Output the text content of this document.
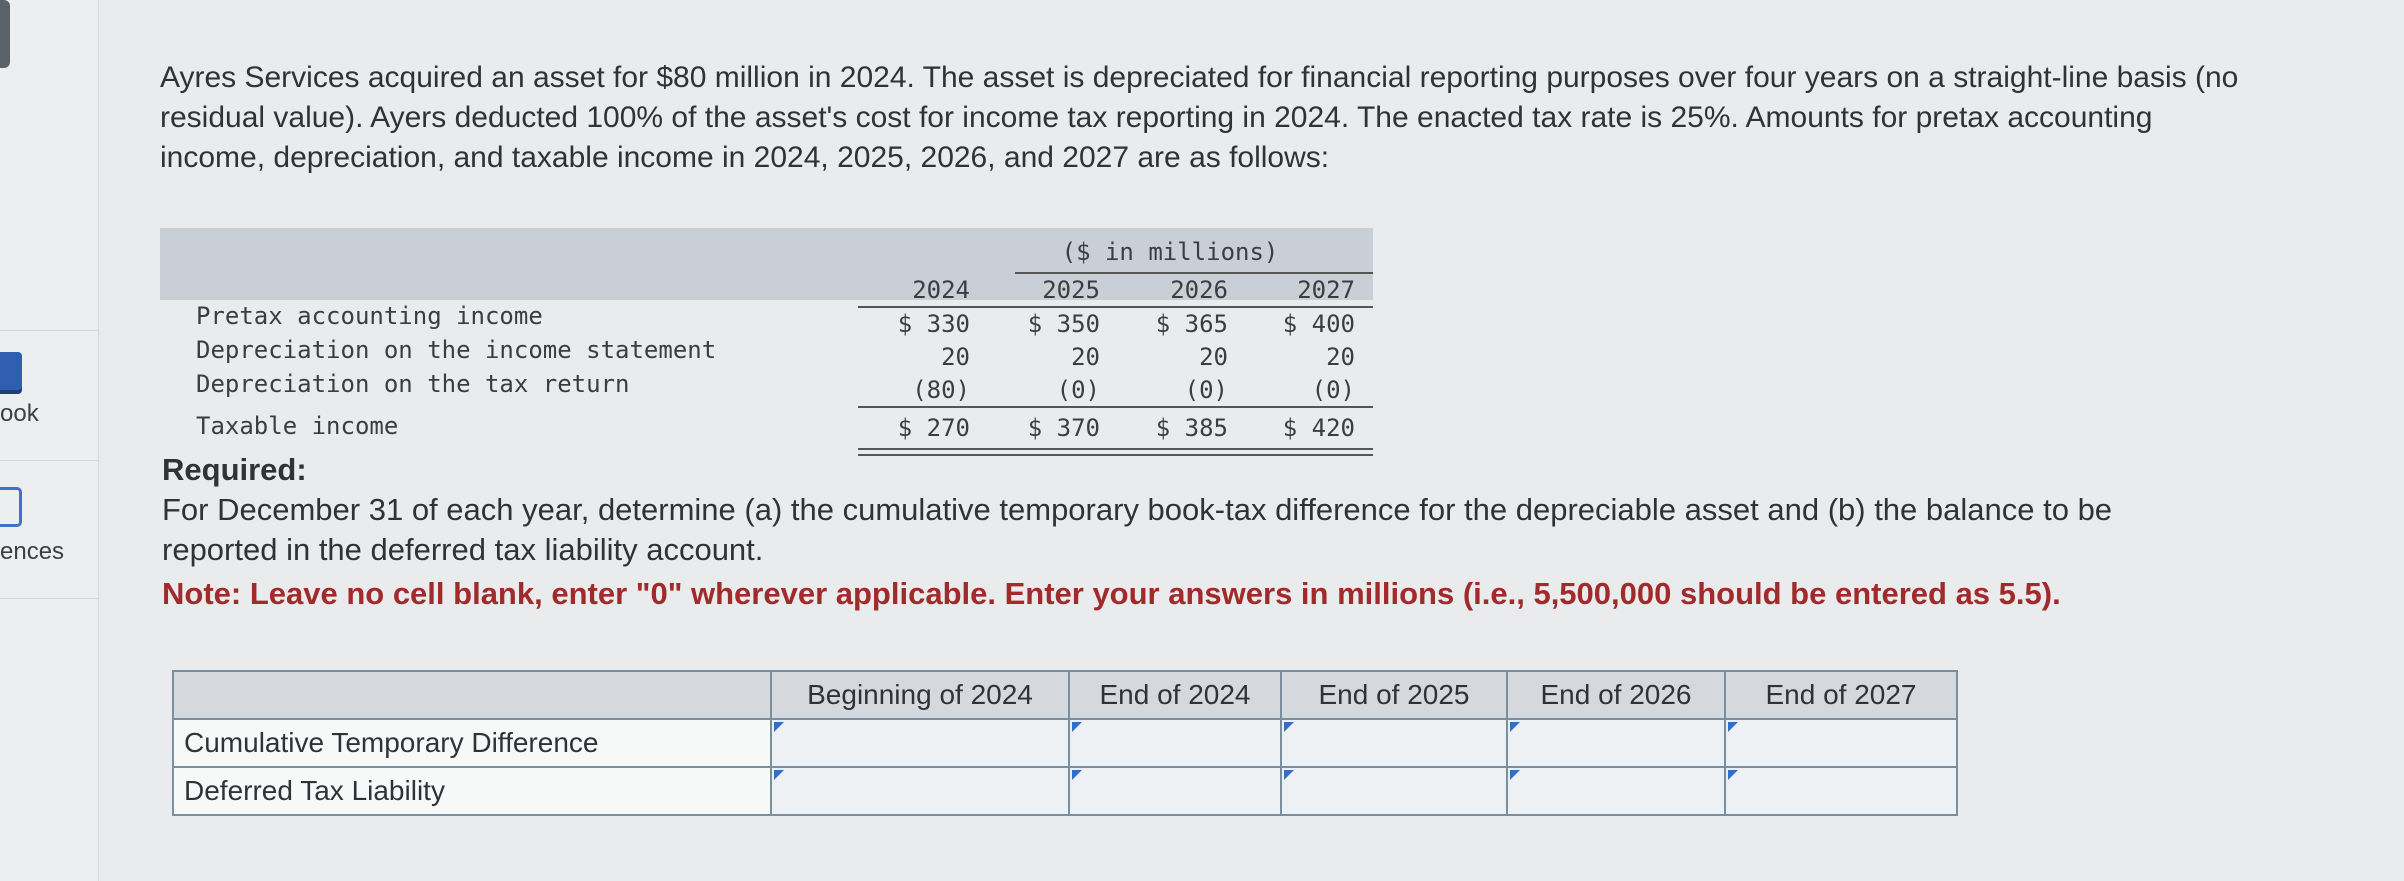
ook
ences

Ayres Services acquired an asset for $80 million in 2024. The asset is depreciated for financial reporting purposes over four years on a straight-line basis (no residual value). Ayers deducted 100% of the asset's cost for income tax reporting in 2024. The enacted tax rate is 25%. Amounts for pretax accounting income, depreciation, and taxable income in 2024, 2025, 2026, and 2027 are as follows:

($ in millions)
2024	2025	2026	2027
Pretax accounting income	$ 330	$ 350	$ 365	$ 400
Depreciation on the income statement	20	20	20	20
Depreciation on the tax return	(80)	(0)	(0)	(0)
Taxable income	$ 270	$ 370	$ 385	$ 420
Required:
For December 31 of each year, determine (a) the cumulative temporary book-tax difference for the depreciable asset and (b) the balance to be reported in the deferred tax liability account.
Note: Leave no cell blank, enter "0" wherever applicable. Enter your answers in millions (i.e., 5,500,000 should be entered as 5.5).
	Beginning of 2024	End of 2024	End of 2025	End of 2026	End of 2027
Cumulative Temporary Difference	

Deferred Tax Liability	
